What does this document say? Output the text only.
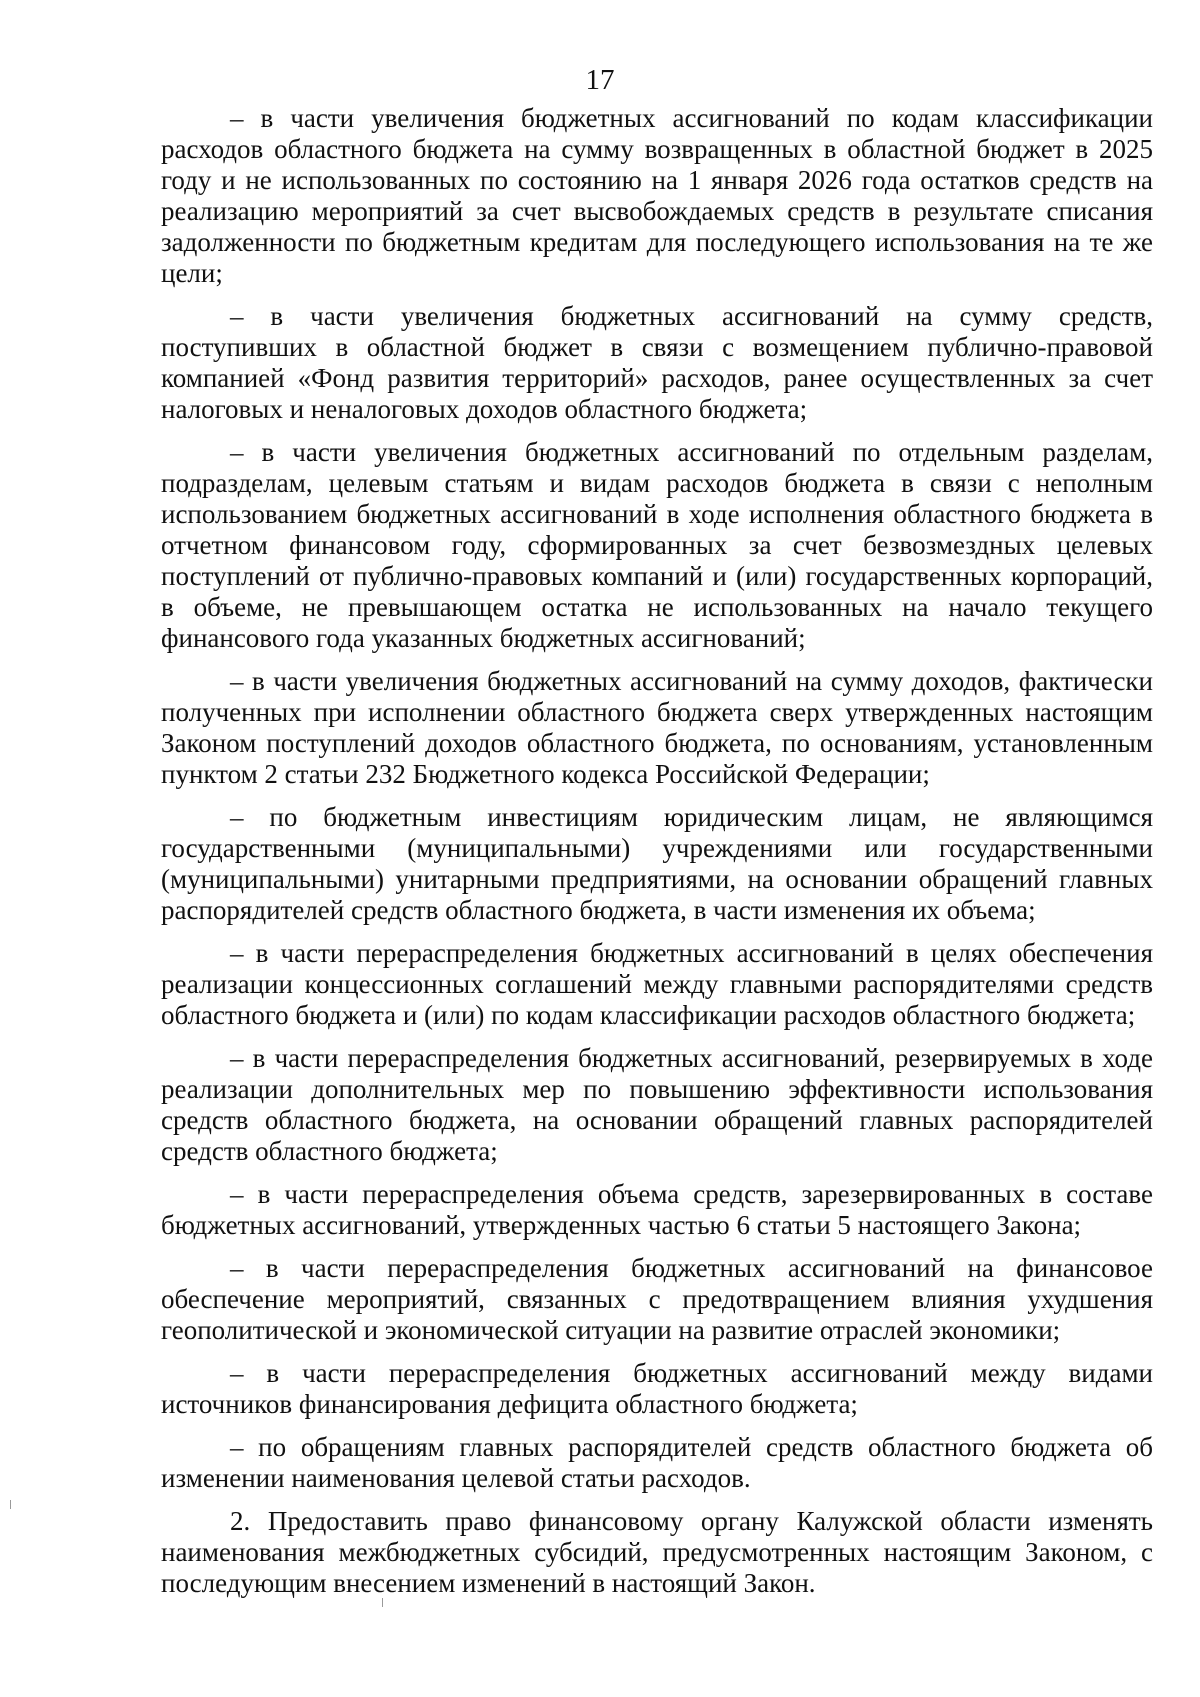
17

– в части увеличения бюджетных ассигнований по кодам классификации расходов областного бюджета на сумму возвращенных в областной бюджет в 2025 году и не использованных по состоянию на 1 января 2026 года остатков средств на реализацию мероприятий за счет высвобождаемых средств в результате списания задолженности по бюджетным кредитам для последующего использования на те же цели;

– в части увеличения бюджетных ассигнований на сумму средств, поступивших в областной бюджет в связи с возмещением публично-правовой компанией «Фонд развития территорий» расходов, ранее осуществленных за счет налоговых и неналоговых доходов областного бюджета;

– в части увеличения бюджетных ассигнований по отдельным разделам, подразделам, целевым статьям и видам расходов бюджета в связи с неполным использованием бюджетных ассигнований в ходе исполнения областного бюджета в отчетном финансовом году, сформированных за счет безвозмездных целевых поступлений от публично-правовых компаний и (или) государственных корпораций, в объеме, не превышающем остатка не использованных на начало текущего финансового года указанных бюджетных ассигнований;

– в части увеличения бюджетных ассигнований на сумму доходов, фактически полученных при исполнении областного бюджета сверх утвержденных настоящим Законом поступлений доходов областного бюджета, по основаниям, установленным пунктом 2 статьи 232 Бюджетного кодекса Российской Федерации;

– по бюджетным инвестициям юридическим лицам, не являющимся государственными (муниципальными) учреждениями или государственными (муниципальными) унитарными предприятиями, на основании обращений главных распорядителей средств областного бюджета, в части изменения их объема;

– в части перераспределения бюджетных ассигнований в целях обеспечения реализации концессионных соглашений между главными распорядителями средств областного бюджета и (или) по кодам классификации расходов областного бюджета;

– в части перераспределения бюджетных ассигнований, резервируемых в ходе реализации дополнительных мер по повышению эффективности использования средств областного бюджета, на основании обращений главных распорядителей средств областного бюджета;

– в части перераспределения объема средств, зарезервированных в составе бюджетных ассигнований, утвержденных частью 6 статьи 5 настоящего Закона;

– в части перераспределения бюджетных ассигнований на финансовое обеспечение мероприятий, связанных с предотвращением влияния ухудшения геополитической и экономической ситуации на развитие отраслей экономики;

– в части перераспределения бюджетных ассигнований между видами источников финансирования дефицита областного бюджета;

– по обращениям главных распорядителей средств областного бюджета об изменении наименования целевой статьи расходов.

2. Предоставить право финансовому органу Калужской области изменять наименования межбюджетных субсидий, предусмотренных настоящим Законом, с последующим внесением изменений в настоящий Закон.
